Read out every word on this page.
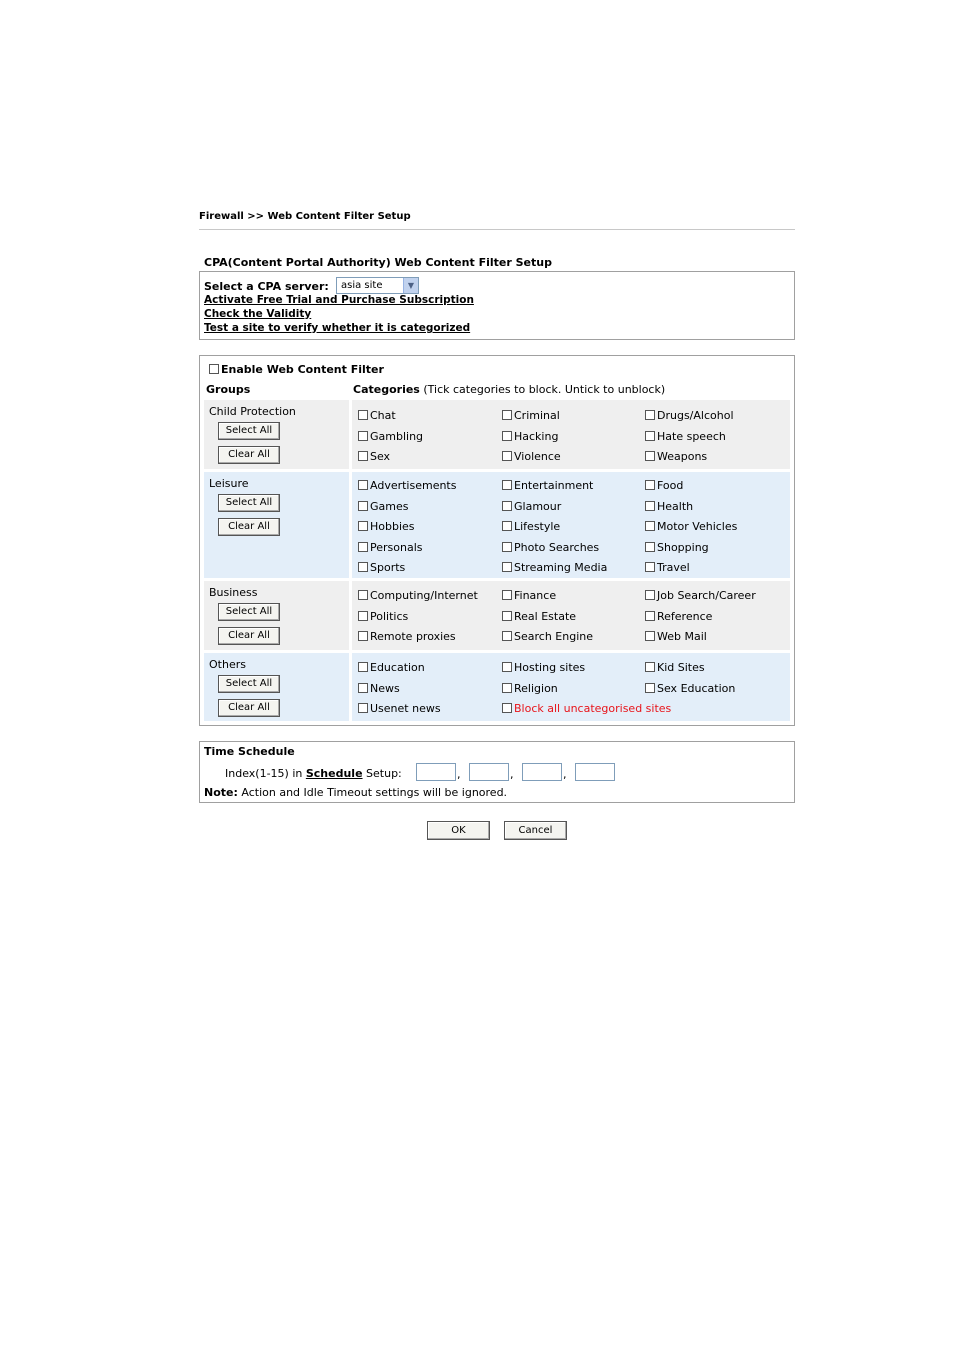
Firewall >> Web Content Filter Setup
CPA(Content Portal Authority) Web Content Filter Setup
Select a CPA server:	asia site	▼
Activate Free Trial and Purchase Subscription
Check the Validity
Test a site to verify whether it is categorized
Enable Web Content Filter
Groups	Categories (Tick categories to block. Untick to unblock)
Child Protection
Select All
Clear All
Chat	Criminal	Drugs/Alcohol
Gambling	Hacking	Hate speech
Sex	Violence	Weapons
Leisure
Select All
Clear All
Advertisements	Entertainment	Food
Games	Glamour	Health
Hobbies	Lifestyle	Motor Vehicles
Personals	Photo Searches	Shopping
Sports	Streaming Media	Travel
Business
Select All
Clear All
Computing/Internet	Finance	Job Search/Career
Politics	Real Estate	Reference
Remote proxies	Search Engine	Web Mail
Others
Select All
Clear All
Education	Hosting sites	Kid Sites
News	Religion	Sex Education
Usenet news	Block all uncategorised sites
Time Schedule
Index(1-15) in Schedule Setup:	,	,	,
Note: Action and Idle Timeout settings will be ignored.
OK	Cancel
